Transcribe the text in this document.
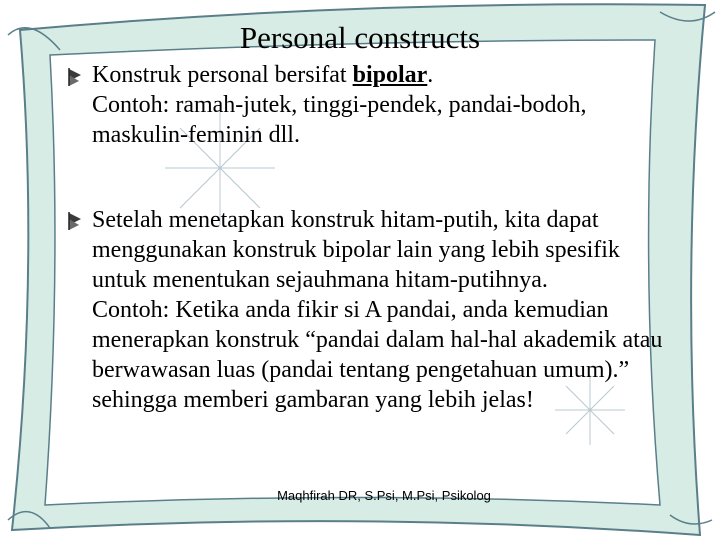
Personal constructs

Konstruk personal bersifat bipolar.

Contoh: ramah-jutek, tinggi-pendek, pandai-bodoh, maskulin-feminin dll.

Setelah menetapkan konstruk hitam-putih, kita dapat menggunakan konstruk bipolar lain yang lebih spesifik untuk menentukan sejauhmana hitam-putihnya.

Contoh: Ketika anda fikir si A pandai, anda kemudian menerapkan konstruk “pandai dalam hal-hal akademik atau berwawasan luas (pandai tentang pengetahuan umum).” sehingga memberi gambaran yang lebih jelas!

Maqhfirah DR, S.Psi, M.Psi, Psikolog
